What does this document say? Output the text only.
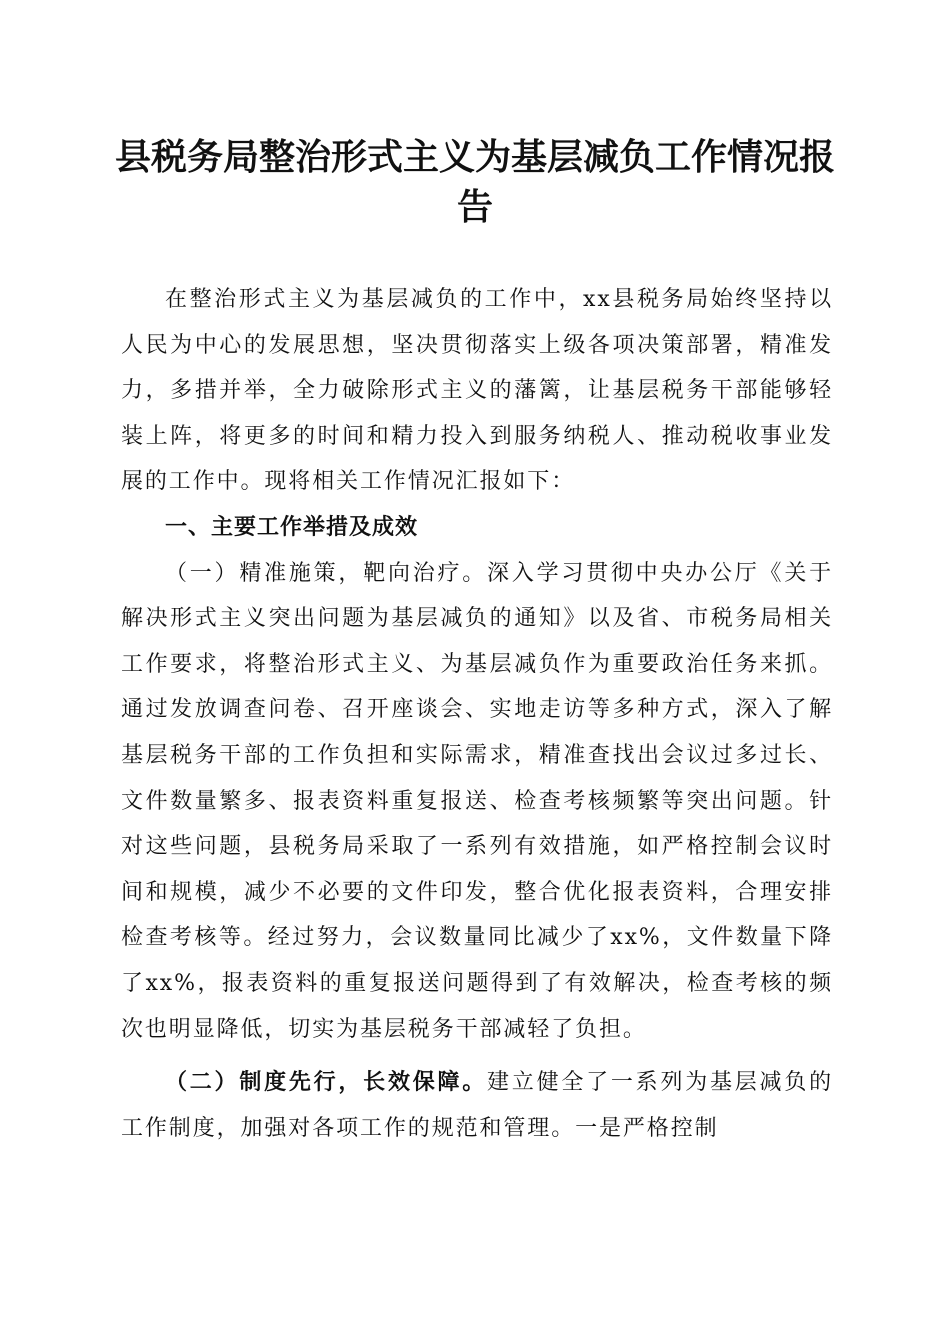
县税务局整治形式主义为基层减负工作情况报
告

在整治形式主义为基层减负的工作中，xx县税务局始终坚持以人民为中心的发展思想，坚决贯彻落实上级各项决策部署，精准发力，多措并举，全力破除形式主义的藩篱，让基层税务干部能够轻装上阵，将更多的时间和精力投入到服务纳税人、推动税收事业发展的工作中。现将相关工作情况汇报如下：

一、主要工作举措及成效

（一）精准施策，靶向治疗。深入学习贯彻中央办公厅《关于解决形式主义突出问题为基层减负的通知》以及省、市税务局相关工作要求，将整治形式主义、为基层减负作为重要政治任务来抓。通过发放调查问卷、召开座谈会、实地走访等多种方式，深入了解基层税务干部的工作负担和实际需求，精准查找出会议过多过长、文件数量繁多、报表资料重复报送、检查考核频繁等突出问题。针对这些问题，县税务局采取了一系列有效措施，如严格控制会议时间和规模，减少不必要的文件印发，整合优化报表资料，合理安排检查考核等。经过努力，会议数量同比减少了xx%，文件数量下降了xx%，报表资料的重复报送问题得到了有效解决，检查考核的频次也明显降低，切实为基层税务干部减轻了负担。

（二）制度先行，长效保障。建立健全了一系列为基层减负的工作制度，加强对各项工作的规范和管理。一是严格控制
